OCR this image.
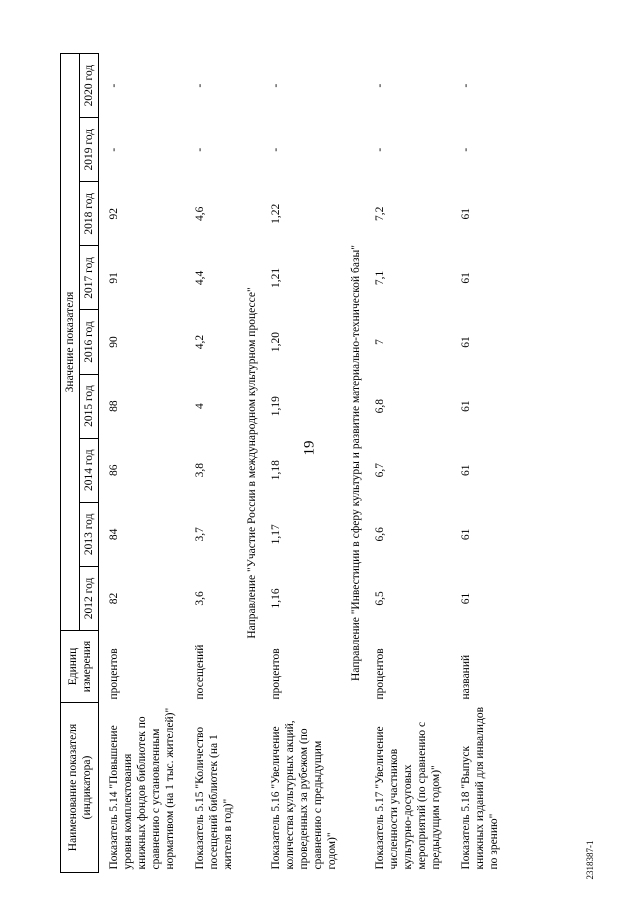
19
Наименование показателя (индикатора)	Единиц измерения	Значение показателя								
		2012 год	2013 год	2014 год	2015 год	2016 год	2017 год	2018 год	2019 год	2020 год
Показатель 5.14 "Повышение уровня комплектования книжных фондов библиотек по сравнению с установленным нормативом (на 1 тыс. жителей)"	процентов	82	84	86	88	90	91	92	-	-
Показатель 5.15 "Количество посещений библиотек (на 1 жителя в год)"	посещений	3,6	3,7	3,8	4	4,2	4,4	4,6	-	-
Направление "Участие России в международном культурном процессе"										
Показатель 5.16 "Увеличение количества культурных акций, проведенных за рубежом (по сравнению с предыдущим годом)"	процентов	1,16	1,17	1,18	1,19	1,20	1,21	1,22	-	-
Направление "Инвестиции в сферу культуры и развитие материально-технической базы"										
Показатель 5.17 "Увеличение численности участников культурно-досуговых мероприятий (по сравнению с предыдущим годом)"	процентов	6,5	6,6	6,7	6,8	7	7,1	7,2	-	-
Показатель 5.18 "Выпуск книжных изданий для инвалидов по зрению"	названий	61	61	61	61	61	61	61	-	-
2318387-1
